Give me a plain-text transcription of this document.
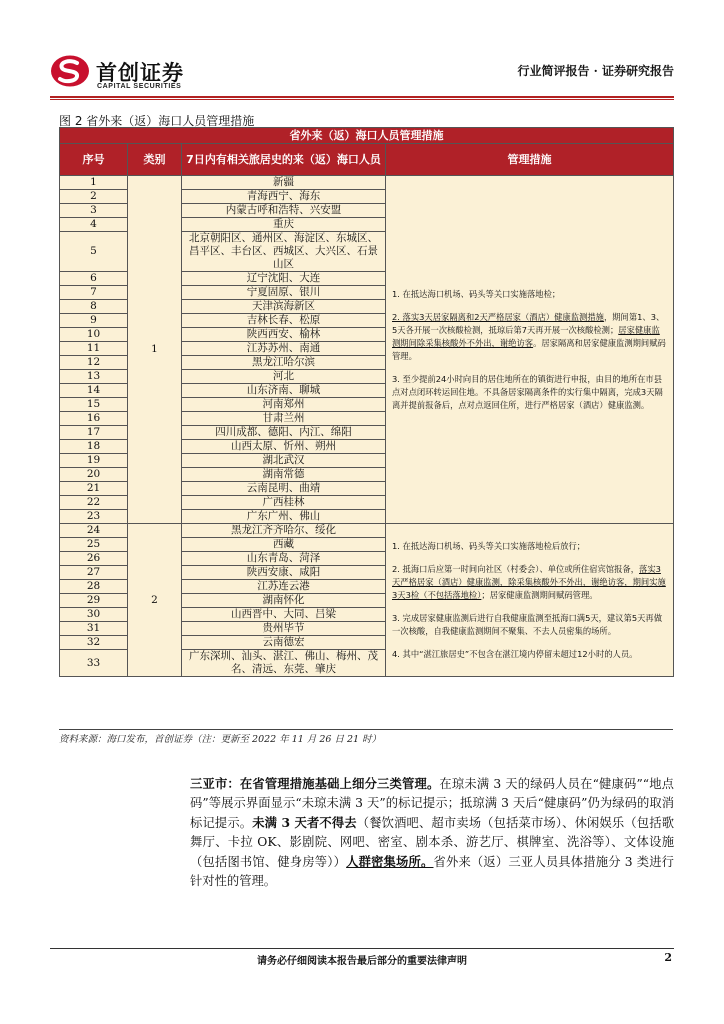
首创证券
CAPITAL SECURITIES
行业简评报告 · 证券研究报告
图 2 省外来（返）海口人员管理措施
省外来（返）海口人员管理措施			
序号	类别	7日内有相关旅居史的来（返）海口人员	管理措施
1	1	新疆	1. 在抵达海口机场、码头等关口实施落地检；

2. 落实3天居家隔离和2天严格居家（酒店）健康监测措施，期间第1、3、5天各开展一次核酸检测，抵琼后第7天再开展一次核酸检测；居家健康监测期间除采集核酸外不外出，谢绝访客。居家隔离和居家健康监测期间赋码管理。

3. 至少提前24小时向目的居住地所在的镇街进行申报，由目的地所在市县点对点闭环转运回住地。不具备居家隔离条件的实行集中隔离，完成3天隔离并提前报备后，点对点返回住所，进行严格居家（酒店）健康监测。

2		青海西宁、海东	
3		内蒙古呼和浩特、兴安盟	
4		重庆	
5		北京朝阳区、通州区、海淀区、东城区、昌平区、丰台区、西城区、大兴区、石景山区	
6		辽宁沈阳、大连	
7		宁夏固原、银川	
8		天津滨海新区	
9		吉林长春、松原	
10		陕西西安、榆林	
11		江苏苏州、南通	
12		黑龙江哈尔滨	
13		河北	
14		山东济南、聊城	
15		河南郑州	
16		甘肃兰州	
17		四川成都、德阳、内江、绵阳	
18		山西太原、忻州、朔州	
19		湖北武汉	
20		湖南常德	
21		云南昆明、曲靖	
22		广西桂林	
23		广东广州、佛山	
24	2	黑龙江齐齐哈尔、绥化	1. 在抵达海口机场、码头等关口实施落地检后放行；

2. 抵海口后应第一时间向社区（村委会）、单位或所住宿宾馆报备，落实3天严格居家（酒店）健康监测，除采集核酸外不外出，谢绝访客，期间实施3天3检（不包括落地检）；居家健康监测期间赋码管理。

3. 完成居家健康监测后进行自我健康监测至抵海口满5天，建议第5天再做一次核酸，自我健康监测期间不聚集、不去人员密集的场所。

4. 其中“湛江旅居史”不包含在湛江境内停留未超过12小时的人员。

25		西藏	
26		山东青岛、菏泽	
27		陕西安康、咸阳	
28		江苏连云港	
29		湖南怀化	
30		山西晋中、大同、吕梁	
31		贵州毕节	
32		云南德宏	
33		广东深圳、汕头、湛江、佛山、梅州、茂名、清远、东莞、肇庆	
资料来源：海口发布，首创证券（注：更新至 2022 年 11 月 26 日 21 时）
三亚市：在省管理措施基础上细分三类管理。在琼未满 3 天的绿码人员在“健康码”“地点码”等展示界面显示“未琼未满 3 天”的标记提示；抵琼满 3 天后“健康码”仍为绿码的取消标记提示。未满 3 天者不得去（餐饮酒吧、超市卖场（包括菜市场）、休闲娱乐（包括歌舞厅、卡拉 OK、影剧院、网吧、密室、剧本杀、游艺厅、棋牌室、洗浴等）、文体设施（包括图书馆、健身房等））人群密集场所。省外来（返）三亚人员具体措施分 3 类进行针对性的管理。
请务必仔细阅读本报告最后部分的重要法律声明	2
